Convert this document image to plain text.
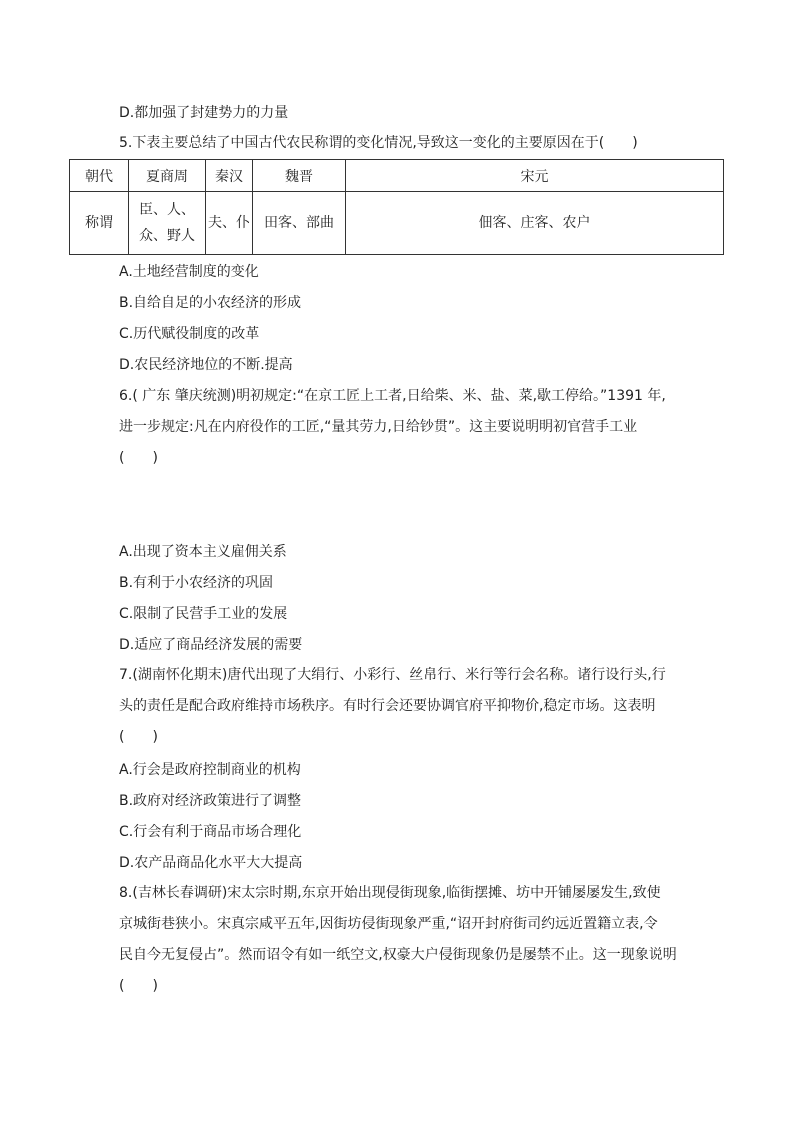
D.都加强了封建势力的力量
5.下表主要总结了中国古代农民称谓的变化情况,导致这一变化的主要原因在于(　　)
朝代	夏商周	秦汉	魏晋	宋元
称谓	臣、人、众、野人	夫、仆	田客、部曲	佃客、庄客、农户
A.土地经营制度的变化
B.自给自足的小农经济的形成
C.历代赋役制度的改革
D.农民经济地位的不断.提高
6.( 广东 肇庆统测)明初规定:“在京工匠上工者,日给柴、米、盐、菜,歇工停给。”1391 年,
进一步规定:凡在内府役作的工匠,“量其劳力,日给钞贯”。这主要说明明初官营手工业
(　　)
A.出现了资本主义雇佣关系
B.有利于小农经济的巩固
C.限制了民营手工业的发展
D.适应了商品经济发展的需要
7.(湖南怀化期末)唐代出现了大绢行、小彩行、丝帛行、米行等行会名称。诸行设行头,行
头的责任是配合政府维持市场秩序。有时行会还要协调官府平抑物价,稳定市场。这表明
(　　)
A.行会是政府控制商业的机构
B.政府对经济政策进行了调整
C.行会有利于商品市场合理化
D.农产品商品化水平大大提高
8.(吉林长春调研)宋太宗时期,东京开始出现侵街现象,临街摆摊、坊中开铺屡屡发生,致使
京城街巷狭小。宋真宗咸平五年,因街坊侵街现象严重,“诏开封府街司约远近置籍立表,令
民自今无复侵占”。然而诏令有如一纸空文,权豪大户侵街现象仍是屡禁不止。这一现象说明
(　　)
